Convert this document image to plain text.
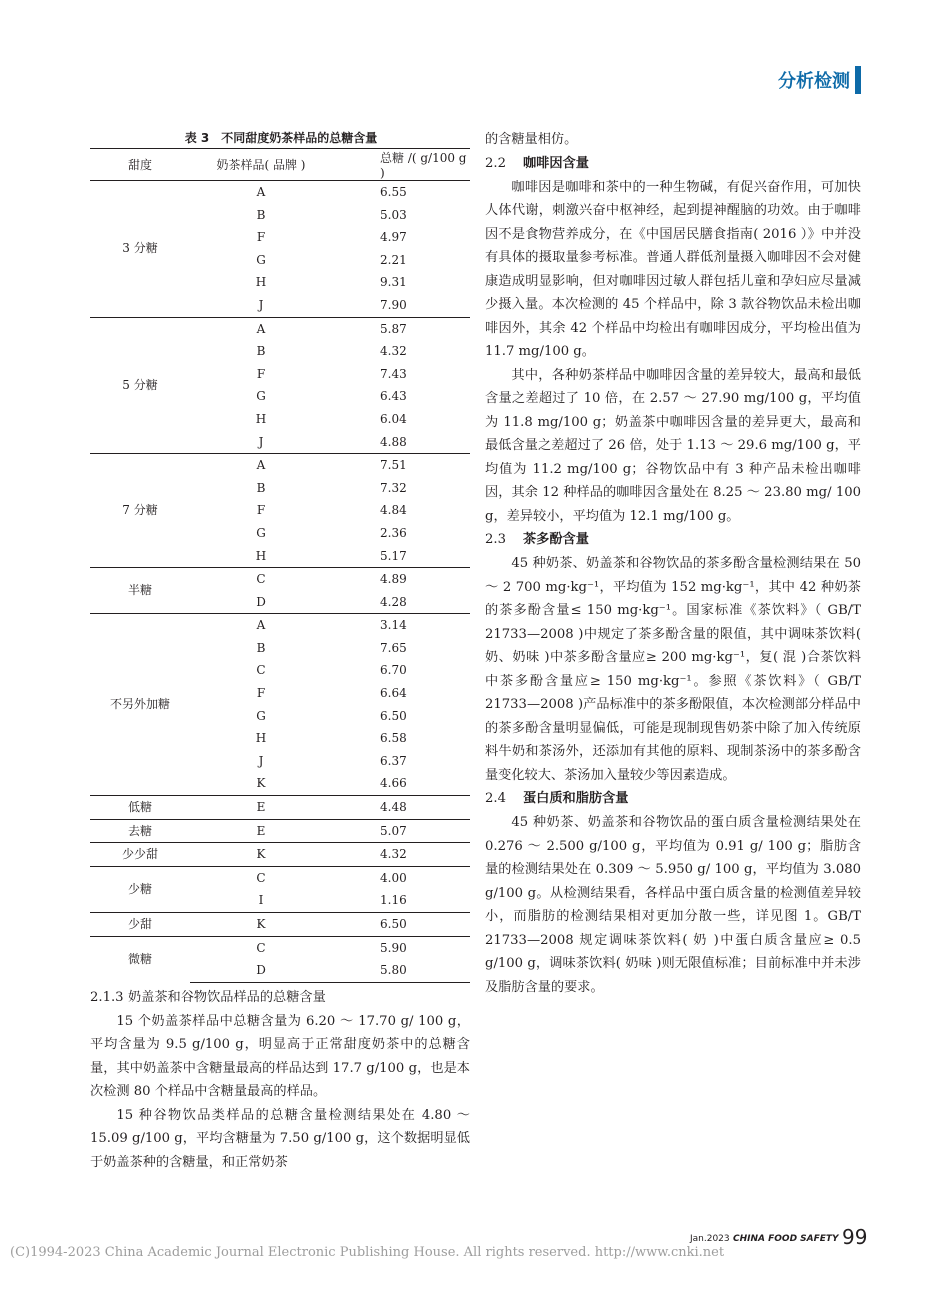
分析检测
表 3　不同甜度奶茶样品的总糖含量
甜度	奶茶样品( 品牌 )	总糖 /( g/100 g )
3 分糖	A	6.55
	B	5.03
	F	4.97
	G	2.21
	H	9.31
	J	7.90
5 分糖	A	5.87
	B	4.32
	F	7.43
	G	6.43
	H	6.04
	J	4.88
7 分糖	A	7.51
	B	7.32
	F	4.84
	G	2.36
	H	5.17
半糖	C	4.89
	D	4.28
不另外加糖	A	3.14
	B	7.65
	C	6.70
	F	6.64
	G	6.50
	H	6.58
	J	6.37
	K	4.66
低糖	E	4.48
去糖	E	5.07
少少甜	K	4.32
少糖	C	4.00
	I	1.16
少甜	K	6.50
微糖	C	5.90
	D	5.80

2.1.3 奶盖茶和谷物饮品样品的总糖含量

15 个奶盖茶样品中总糖含量为 6.20 ～ 17.70 g/ 100 g，平均含量为 9.5 g/100 g，明显高于正常甜度奶茶中的总糖含量，其中奶盖茶中含糖量最高的样品达到 17.7 g/100 g，也是本次检测 80 个样品中含糖量最高的样品。

15 种谷物饮品类样品的总糖含量检测结果处在 4.80 ～ 15.09 g/100 g，平均含糖量为 7.50 g/100 g，这个数据明显低于奶盖茶种的含糖量，和正常奶茶

的含糖量相仿。

2.2 咖啡因含量

咖啡因是咖啡和茶中的一种生物碱，有促兴奋作用，可加快人体代谢，刺激兴奋中枢神经，起到提神醒脑的功效。由于咖啡因不是食物营养成分，在《中国居民膳食指南( 2016 ）》中并没有具体的摄取量参考标准。普通人群低剂量摄入咖啡因不会对健康造成明显影响，但对咖啡因过敏人群包括儿童和孕妇应尽量减少摄入量。本次检测的 45 个样品中，除 3 款谷物饮品未检出咖啡因外，其余 42 个样品中均检出有咖啡因成分，平均检出值为 11.7 mg/100 g。

其中，各种奶茶样品中咖啡因含量的差异较大，最高和最低含量之差超过了 10 倍，在 2.57 ～ 27.90 mg/100 g，平均值为 11.8 mg/100 g；奶盖茶中咖啡因含量的差异更大，最高和最低含量之差超过了 26 倍，处于 1.13 ～ 29.6 mg/100 g，平均值为 11.2 mg/100 g；谷物饮品中有 3 种产品未检出咖啡因，其余 12 种样品的咖啡因含量处在 8.25 ～ 23.80 mg/ 100 g，差异较小，平均值为 12.1 mg/100 g。

2.3 茶多酚含量

45 种奶茶、奶盖茶和谷物饮品的茶多酚含量检测结果在 50 ～ 2 700 mg·kg⁻¹，平均值为 152 mg·kg⁻¹，其中 42 种奶茶的茶多酚含量≤ 150 mg·kg⁻¹。国家标准《茶饮料》（ GB/T 21733—2008 )中规定了茶多酚含量的限值，其中调味茶饮料( 奶、奶味 )中茶多酚含量应≥ 200 mg·kg⁻¹，复( 混 )合茶饮料中茶多酚含量应≥ 150 mg·kg⁻¹。参照《茶饮料》（ GB/T 21733—2008 )产品标准中的茶多酚限值，本次检测部分样品中的茶多酚含量明显偏低，可能是现制现售奶茶中除了加入传统原料牛奶和茶汤外，还添加有其他的原料、现制茶汤中的茶多酚含量变化较大、茶汤加入量较少等因素造成。

2.4 蛋白质和脂肪含量

45 种奶茶、奶盖茶和谷物饮品的蛋白质含量检测结果处在 0.276 ～ 2.500 g/100 g，平均值为 0.91 g/ 100 g；脂肪含量的检测结果处在 0.309 ～ 5.950 g/ 100 g，平均值为 3.080 g/100 g。从检测结果看，各样品中蛋白质含量的检测值差异较小，而脂肪的检测结果相对更加分散一些，详见图 1。GB/T 21733—2008 规定调味茶饮料( 奶 )中蛋白质含量应≥ 0.5 g/100 g，调味茶饮料( 奶味 )则无限值标准；目前标准中并未涉及脂肪含量的要求。

(C)1994-2023 China Academic Journal Electronic Publishing House. All rights reserved. http://www.cnki.net
Jan.2023 CHINA FOOD SAFETY 99
